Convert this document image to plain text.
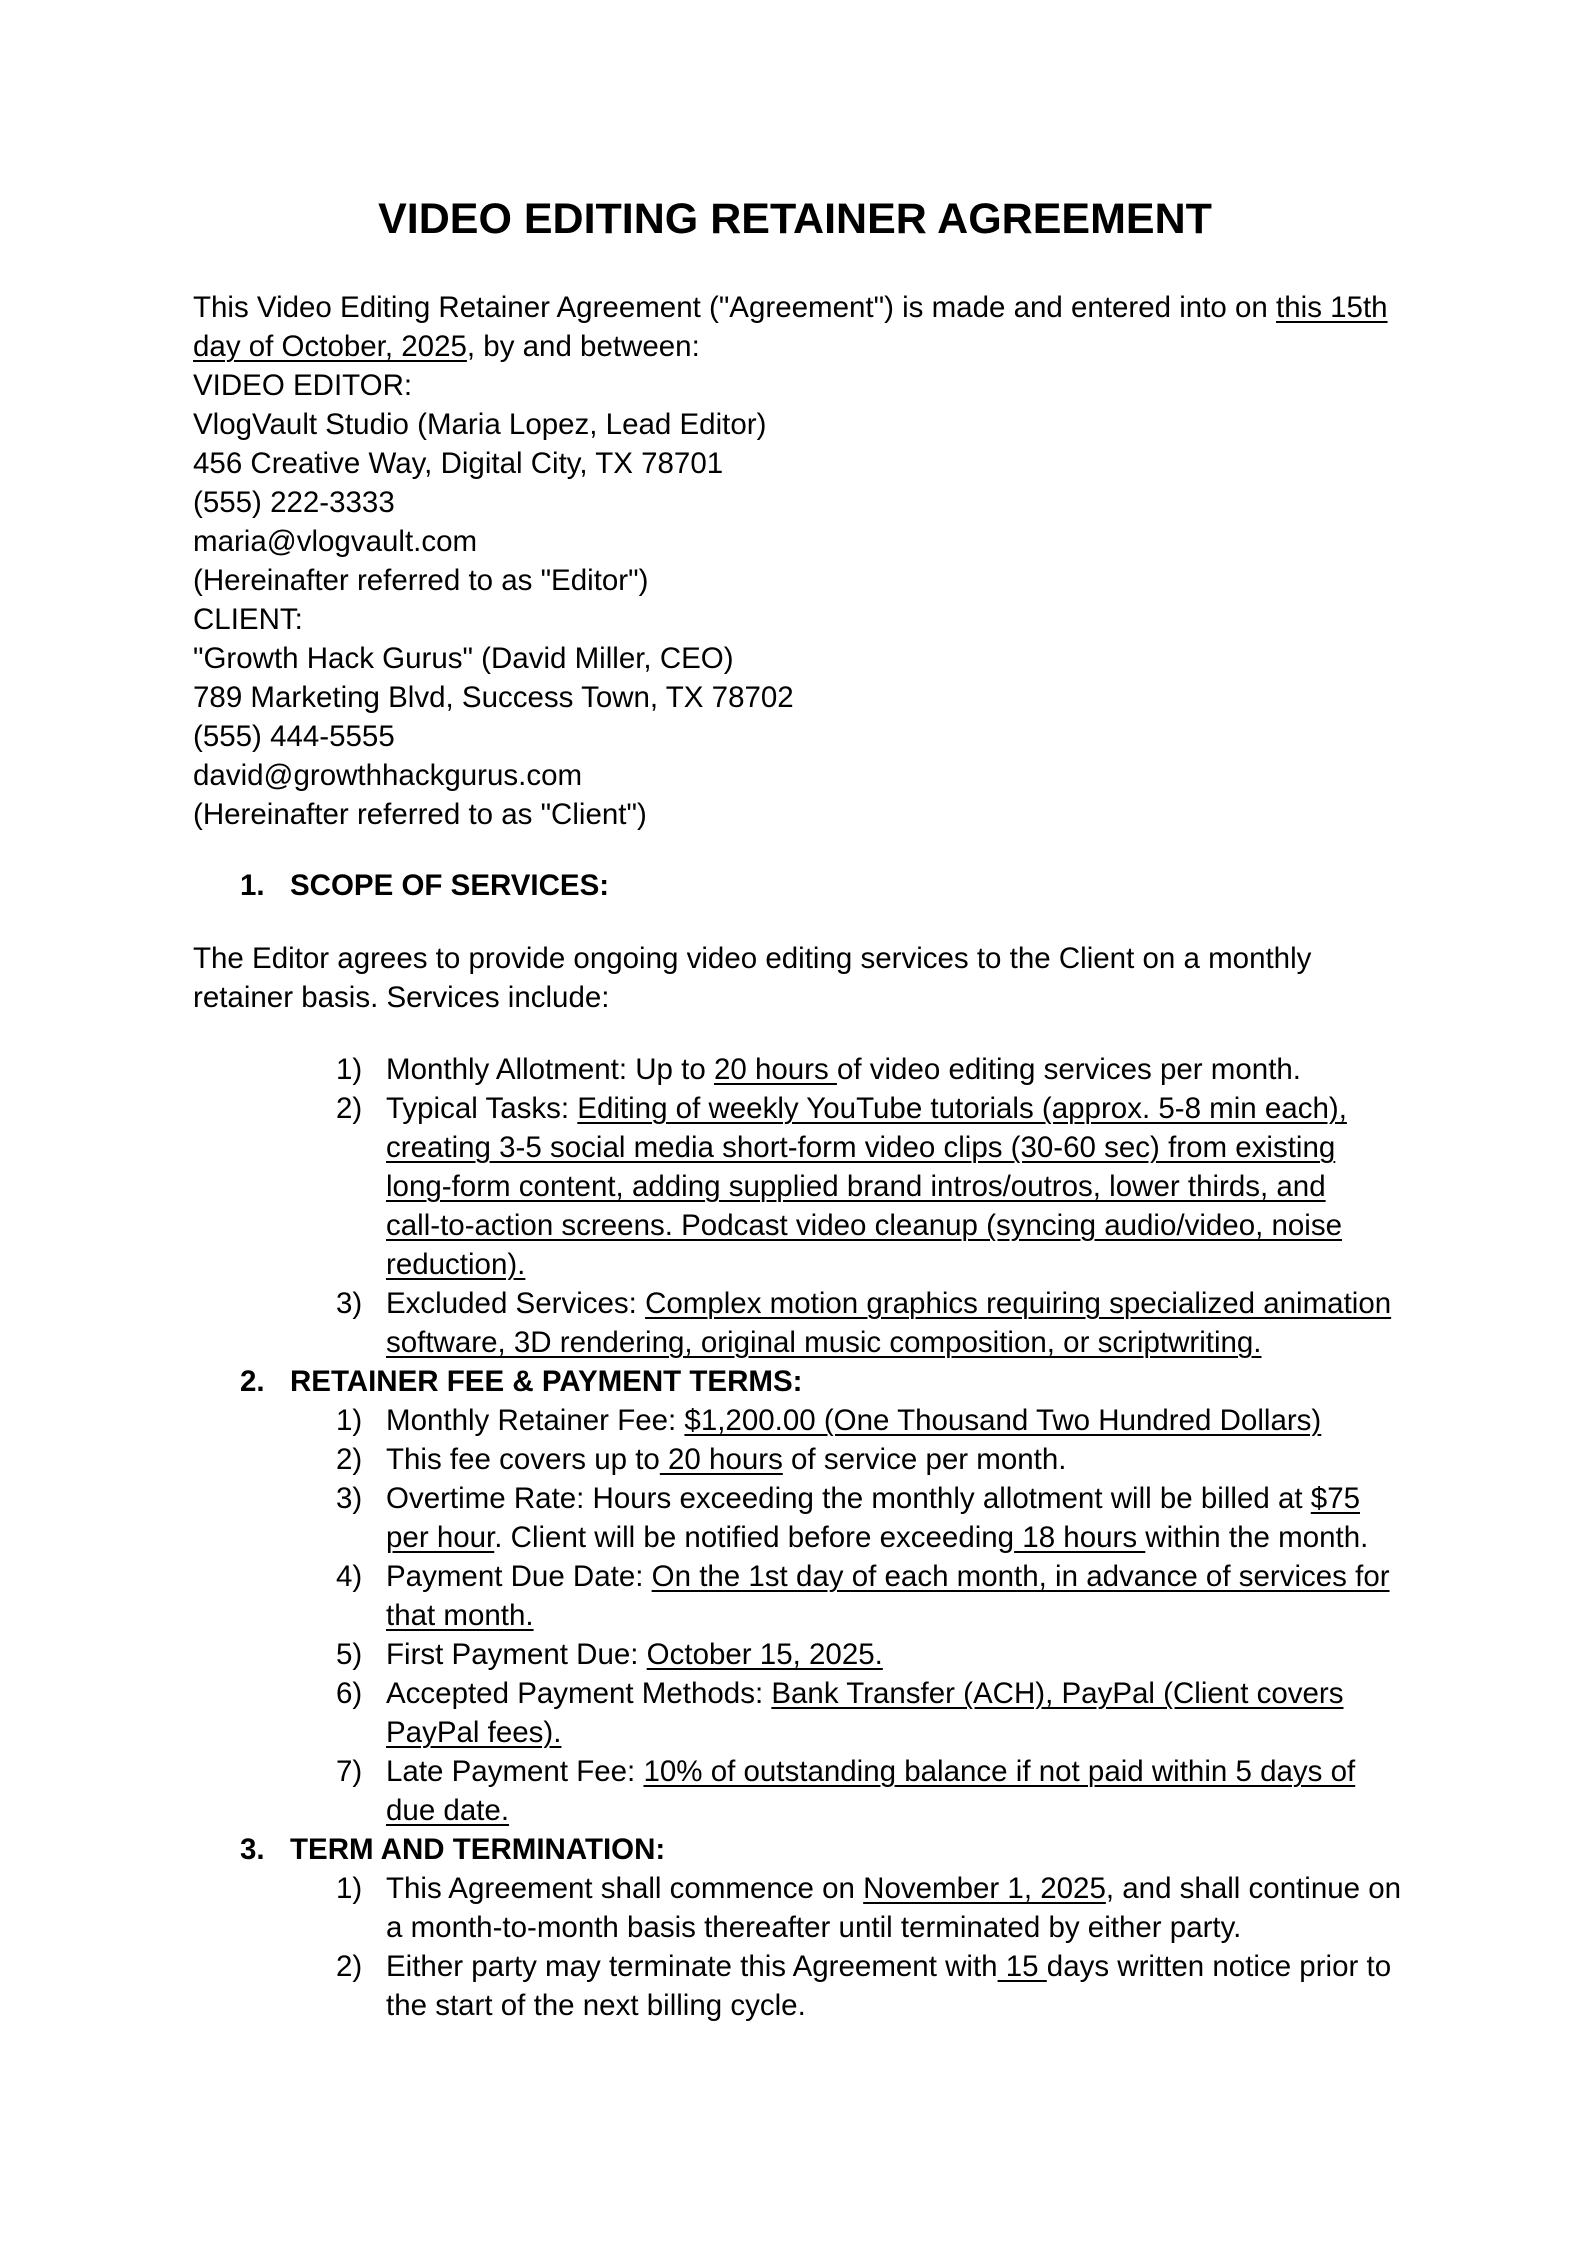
VIDEO EDITING RETAINER AGREEMENT
This Video Editing Retainer Agreement ("Agreement") is made and entered into on this 15th
day of October, 2025, by and between:
VIDEO EDITOR:
VlogVault Studio (Maria Lopez, Lead Editor)
456 Creative Way, Digital City, TX 78701
(555) 222-3333
maria@vlogvault.com
(Hereinafter referred to as "Editor")
CLIENT:
"Growth Hack Gurus" (David Miller, CEO)
789 Marketing Blvd, Success Town, TX 78702
(555) 444-5555
david@growthhackgurus.com
(Hereinafter referred to as "Client")
1. SCOPE OF SERVICES:
The Editor agrees to provide ongoing video editing services to the Client on a monthly
retainer basis. Services include:
1) Monthly Allotment: Up to 20 hours of video editing services per month.
2) Typical Tasks: Editing of weekly YouTube tutorials (approx. 5-8 min each),
creating 3-5 social media short-form video clips (30-60 sec) from existing
long-form content, adding supplied brand intros/outros, lower thirds, and
call-to-action screens. Podcast video cleanup (syncing audio/video, noise
reduction).
3) Excluded Services: Complex motion graphics requiring specialized animation
software, 3D rendering, original music composition, or scriptwriting.
2. RETAINER FEE & PAYMENT TERMS:
1) Monthly Retainer Fee: $1,200.00 (One Thousand Two Hundred Dollars)
2) This fee covers up to 20 hours of service per month.
3) Overtime Rate: Hours exceeding the monthly allotment will be billed at $75
per hour. Client will be notified before exceeding 18 hours within the month.
4) Payment Due Date: On the 1st day of each month, in advance of services for
that month.
5) First Payment Due: October 15, 2025.
6) Accepted Payment Methods: Bank Transfer (ACH), PayPal (Client covers
PayPal fees).
7) Late Payment Fee: 10% of outstanding balance if not paid within 5 days of
due date.
3. TERM AND TERMINATION:
1) This Agreement shall commence on November 1, 2025, and shall continue on
a month-to-month basis thereafter until terminated by either party.
2) Either party may terminate this Agreement with 15 days written notice prior to
the start of the next billing cycle.
